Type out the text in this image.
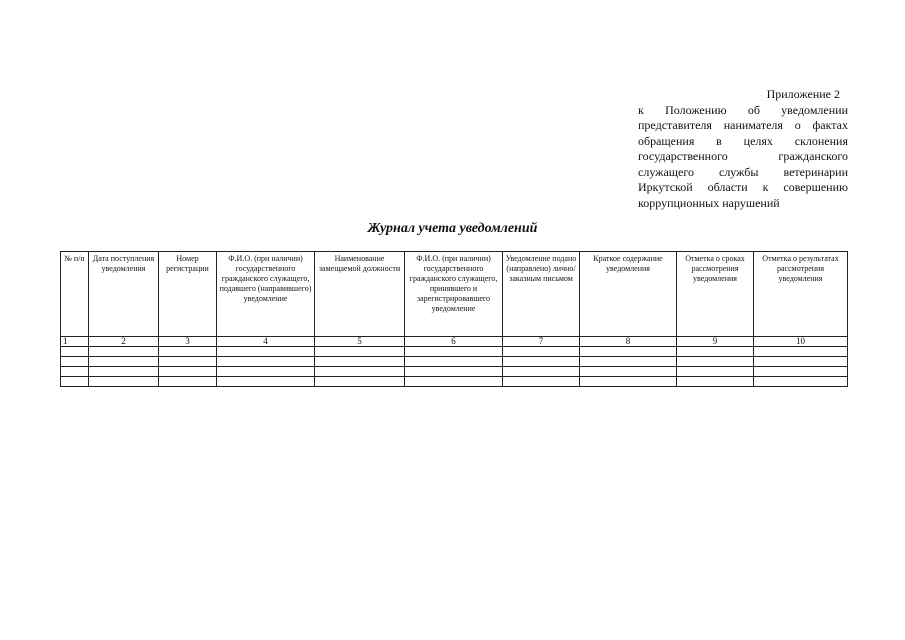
Приложение 2
к Положению об уведомлении представителя нанимателя о фактах обращения в целях склонения государственного гражданского служащего службы ветеринарии Иркутской области к совершению коррупционных нарушений
Журнал учета уведомлений
№ п/п	Дата поступления уведомления	Номер регистрации	Ф.И.О. (при наличии) государственного гражданского служащего, подавшего (направившего) уведомление	Наименование замещаемой должности	Ф.И.О. (при наличии) государственного гражданского служащего, принявшего и зарегистрировавшего уведомление	Уведомление подано (направлено) лично/заказным письмом	Краткое содержание уведомления	Отметка о сроках рассмотрения уведомления	Отметка о результатах рассмотрения уведомления
1	2	3	4	5	6	7	8	9	10
